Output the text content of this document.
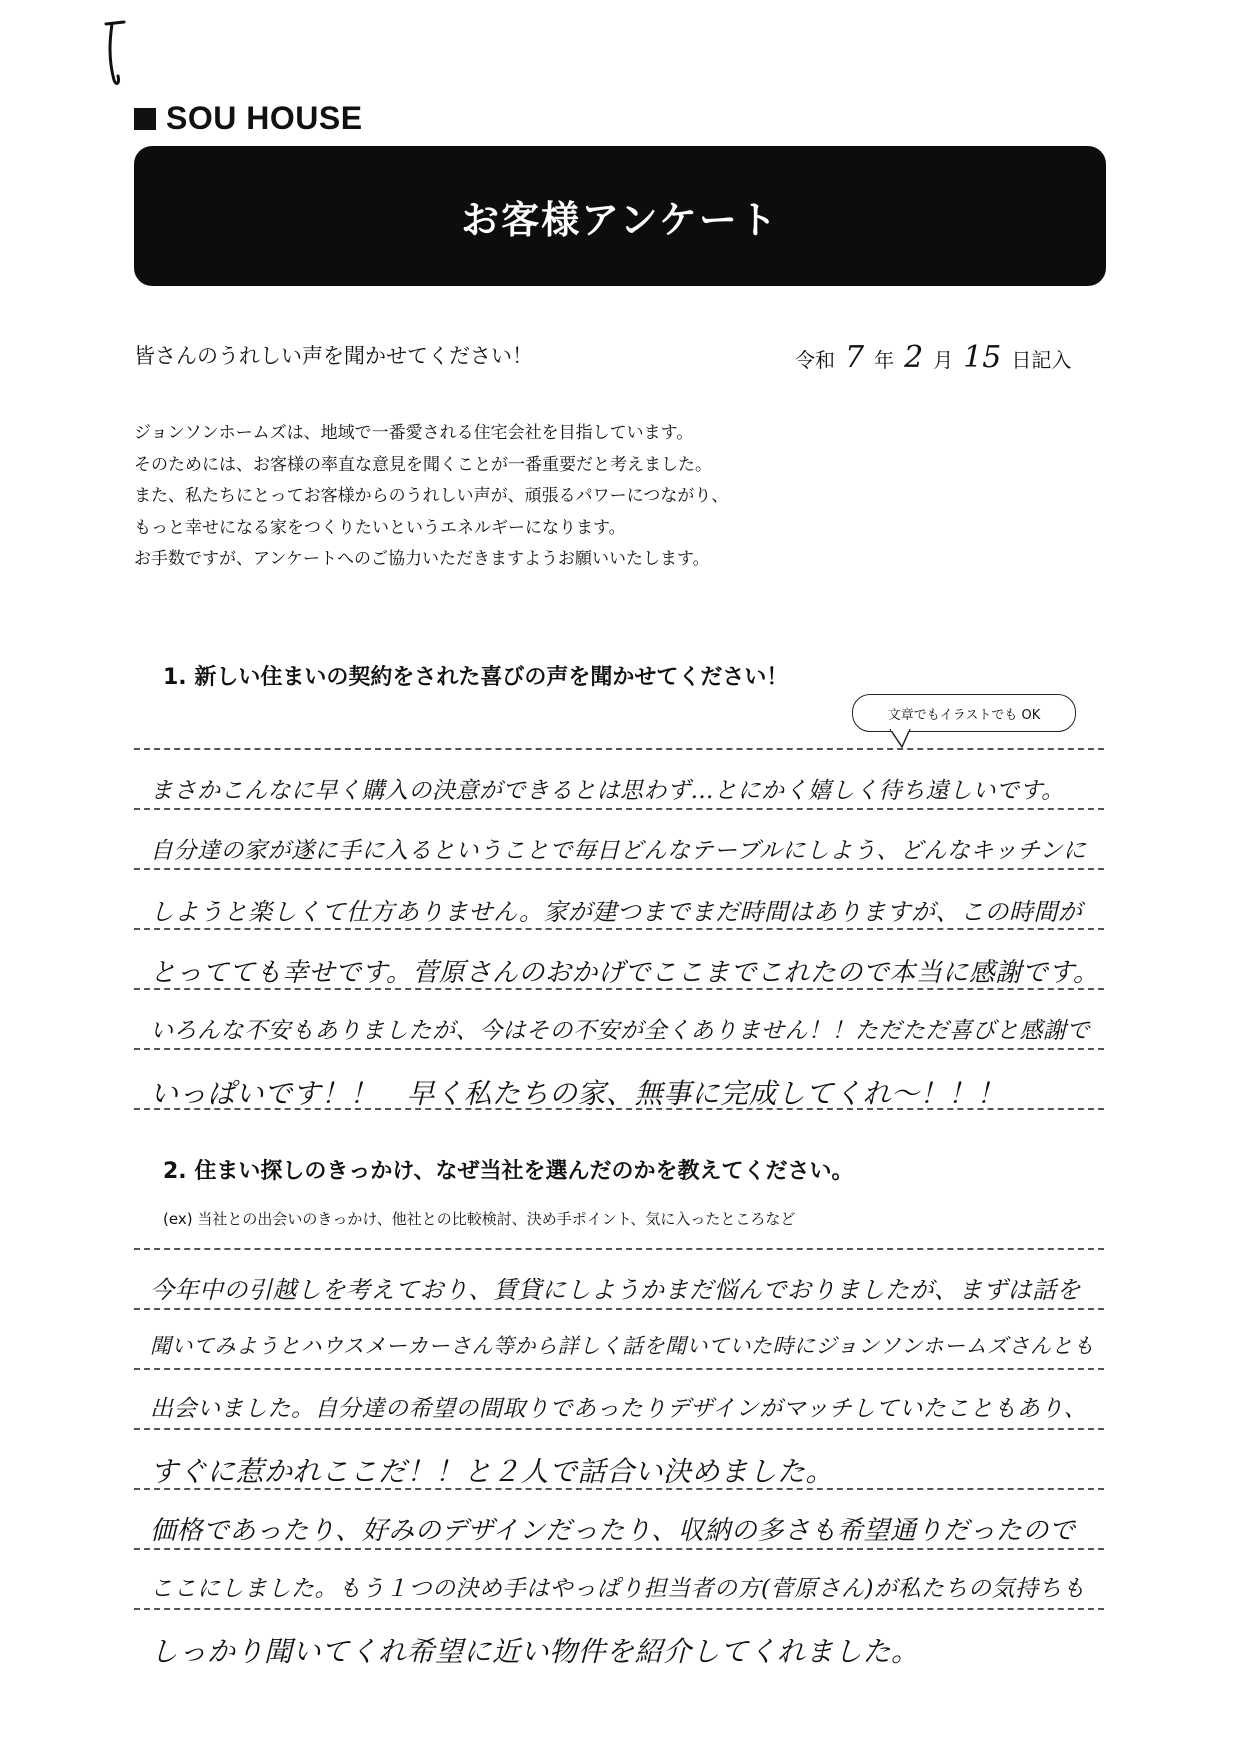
SOU HOUSE
お客様アンケート
皆さんのうれしい声を聞かせてください！	令和 7 年 2 月 15 日記入
ジョンソンホームズは、地域で一番愛される住宅会社を目指しています。
そのためには、お客様の率直な意見を聞くことが一番重要だと考えました。
また、私たちにとってお客様からのうれしい声が、頑張るパワーにつながり、
もっと幸せになる家をつくりたいというエネルギーになります。
お手数ですが、アンケートへのご協力いただきますようお願いいたします。
1. 新しい住まいの契約をされた喜びの声を聞かせてください！
文章でもイラストでも OK
まさかこんなに早く購入の決意ができるとは思わず…とにかく嬉しく待ち遠しいです。
自分達の家が遂に手に入るということで毎日どんなテーブルにしよう、どんなキッチンに
しようと楽しくて仕方ありません。家が建つまでまだ時間はありますが、この時間が
とってても幸せです。菅原さんのおかげでここまでこれたので本当に感謝です。
いろんな不安もありましたが、今はその不安が全くありません！！ただただ喜びと感謝で
いっぱいです！！　早く私たちの家、無事に完成してくれ〜！！！
2. 住まい探しのきっかけ、なぜ当社を選んだのかを教えてください。
(ex) 当社との出会いのきっかけ、他社との比較検討、決め手ポイント、気に入ったところなど
今年中の引越しを考えており、賃貸にしようかまだ悩んでおりましたが、まずは話を
聞いてみようとハウスメーカーさん等から詳しく話を聞いていた時にジョンソンホームズさんとも
出会いました。自分達の希望の間取りであったりデザインがマッチしていたこともあり、
すぐに惹かれここだ！！と２人で話合い決めました。
価格であったり、好みのデザインだったり、収納の多さも希望通りだったので
ここにしました。もう１つの決め手はやっぱり担当者の方(菅原さん)が私たちの気持ちも
しっかり聞いてくれ希望に近い物件を紹介してくれました。
